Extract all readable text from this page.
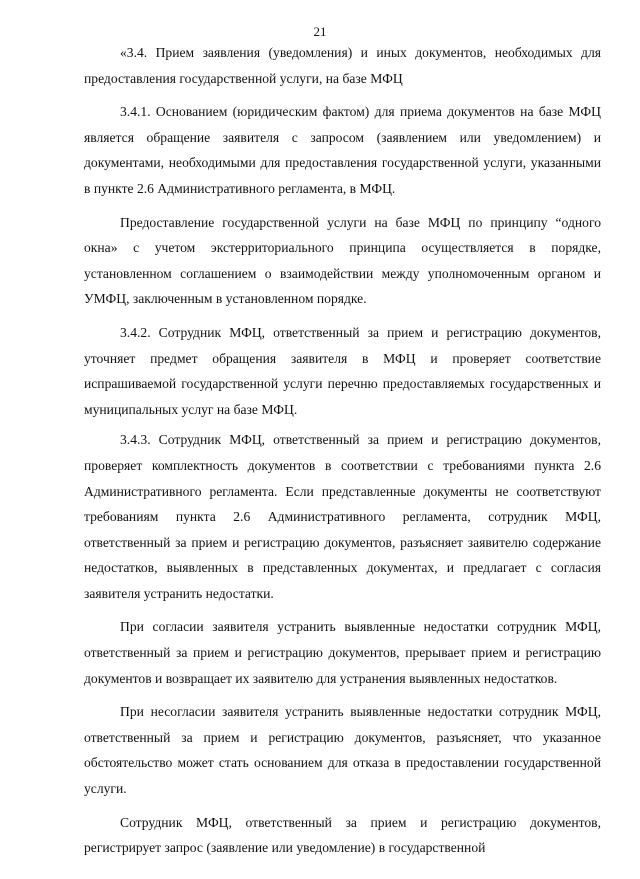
21

«3.4. Прием заявления (уведомления) и иных документов, необходимых для предоставления государственной услуги, на базе МФЦ

3.4.1. Основанием (юридическим фактом) для приема документов на базе МФЦ является обращение заявителя с запросом (заявлением или уведомлением) и документами, необходимыми для предоставления государственной услуги, указанными в пункте 2.6 Административного регламента, в МФЦ.

Предоставление государственной услуги на базе МФЦ по принципу “одного окна» с учетом экстерриториального принципа осуществляется в порядке, установленном соглашением о взаимодействии между уполномоченным органом и УМФЦ, заключенным в установленном порядке.

3.4.2. Сотрудник МФЦ, ответственный за прием и регистрацию документов, уточняет предмет обращения заявителя в МФЦ и проверяет соответствие испрашиваемой государственной услуги перечню предоставляемых государственных и муниципальных услуг на базе МФЦ.

3.4.3. Сотрудник МФЦ, ответственный за прием и регистрацию документов, проверяет комплектность документов в соответствии с требованиями пункта 2.6 Административного регламента. Если представленные документы не соответствуют требованиям пункта 2.6 Административного регламента, сотрудник МФЦ, ответственный за прием и регистрацию документов, разъясняет заявителю содержание недостатков, выявленных в представленных документах, и предлагает с согласия заявителя устранить недостатки.

При согласии заявителя устранить выявленные недостатки сотрудник МФЦ, ответственный за прием и регистрацию документов, прерывает прием и регистрацию документов и возвращает их заявителю для устранения выявленных недостатков.

При несогласии заявителя устранить выявленные недостатки сотрудник МФЦ, ответственный за прием и регистрацию документов, разъясняет, что указанное обстоятельство может стать основанием для отказа в предоставлении государственной услуги.

Сотрудник МФЦ, ответственный за прием и регистрацию документов, регистрирует запрос (заявление или уведомление) в государственной
